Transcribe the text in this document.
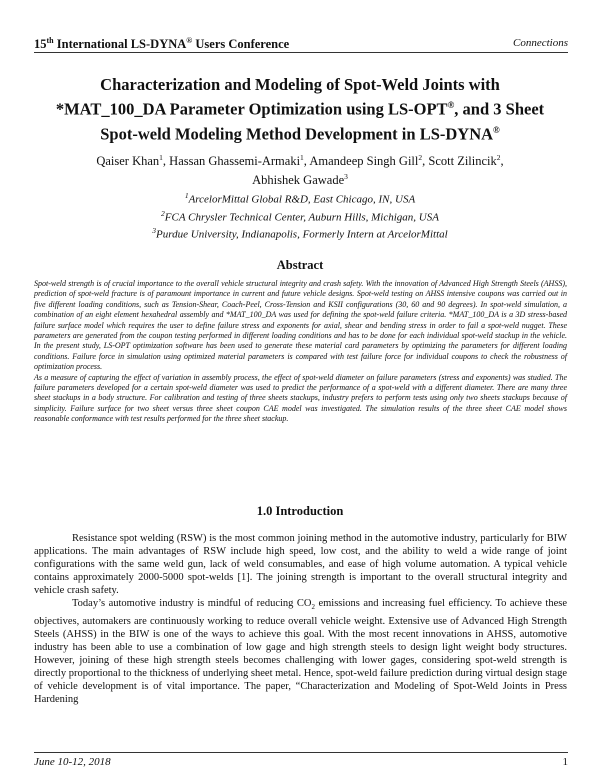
15th International LS-DYNA® Users Conference	Connections
Characterization and Modeling of Spot-Weld Joints with
*MAT_100_DA Parameter Optimization using LS-OPT®, and 3 Sheet
Spot-weld Modeling Method Development in LS-DYNA®
Qaiser Khan$^1$, Hassan Ghassemi-Armaki$^1$, Amandeep Singh Gill$^2$, Scott Zilincik$^2$,
Abhishek Gawade$^3$
$^1$ArcelorMittal Global R&D, East Chicago, IN, USA
$^2$FCA Chrysler Technical Center, Auburn Hills, Michigan, USA
$^3$Purdue University, Indianapolis, Formerly Intern at ArcelorMittal
Abstract

Spot-weld strength is of crucial importance to the overall vehicle structural integrity and crash safety. With the innovation of Advanced High Strength Steels (AHSS), prediction of spot-weld fracture is of paramount importance in current and future vehicle designs. Spot-weld testing on AHSS intensive coupons was carried out in five different loading conditions, such as Tension-Shear, Coach-Peel, Cross-Tension and KSII configurations (30, 60 and 90 degrees). In spot-weld simulation, a combination of an eight element hexahedral assembly and *MAT_100_DA was used for defining the spot-weld failure criteria. *MAT_100_DA is a 3D stress-based failure surface model which requires the user to define failure stress and exponents for axial, shear and bending stress in order to fail a spot-weld nugget. These parameters are generated from the coupon testing performed in different loading conditions and has to be done for each individual spot-weld stackup in the vehicle. In the present study, LS-OPT optimization software has been used to generate these material card parameters by optimizing the parameters for different loading conditions. Failure force in simulation using optimized material parameters is compared with test failure force for individual coupons to check the robustness of optimization process.

As a measure of capturing the effect of variation in assembly process, the effect of spot-weld diameter on failure parameters (stress and exponents) was studied. The failure parameters developed for a certain spot-weld diameter was used to predict the performance of a spot-weld with a different diameter. There are many three sheet stackups in a body structure. For calibration and testing of three sheets stackups, industry prefers to perform tests using only two sheets stackups because of simplicity. Failure surface for two sheet versus three sheet coupon CAE model was investigated. The simulation results of the three sheet CAE model shows reasonable conformance with test results performed for the three sheet stackup.

1.0 Introduction

Resistance spot welding (RSW) is the most common joining method in the automotive industry, particularly for BIW applications. The main advantages of RSW include high speed, low cost, and the ability to weld a wide range of joint configurations with the same weld gun, lack of weld consumables, and ease of high volume automation. A typical vehicle contains approximately 2000-5000 spot-welds [1]. The joining strength is important to the overall structural integrity and vehicle crash safety.

Today’s automotive industry is mindful of reducing $CO_2$ emissions and increasing fuel efficiency. To achieve these objectives, automakers are continuously working to reduce overall vehicle weight. Extensive use of Advanced High Strength Steels (AHSS) in the BIW is one of the ways to achieve this goal. With the most recent innovations in AHSS, automotive industry has been able to use a combination of low gage and high strength steels to design light weight body structures. However, joining of these high strength steels becomes challenging with lower gages, considering spot-weld strength is directly proportional to the thickness of underlying sheet metal. Hence, spot-weld failure prediction during virtual design stage of vehicle development is of vital importance. The paper, “Characterization and Modeling of Spot-Weld Joints in Press Hardening

June 10-12, 2018	1
